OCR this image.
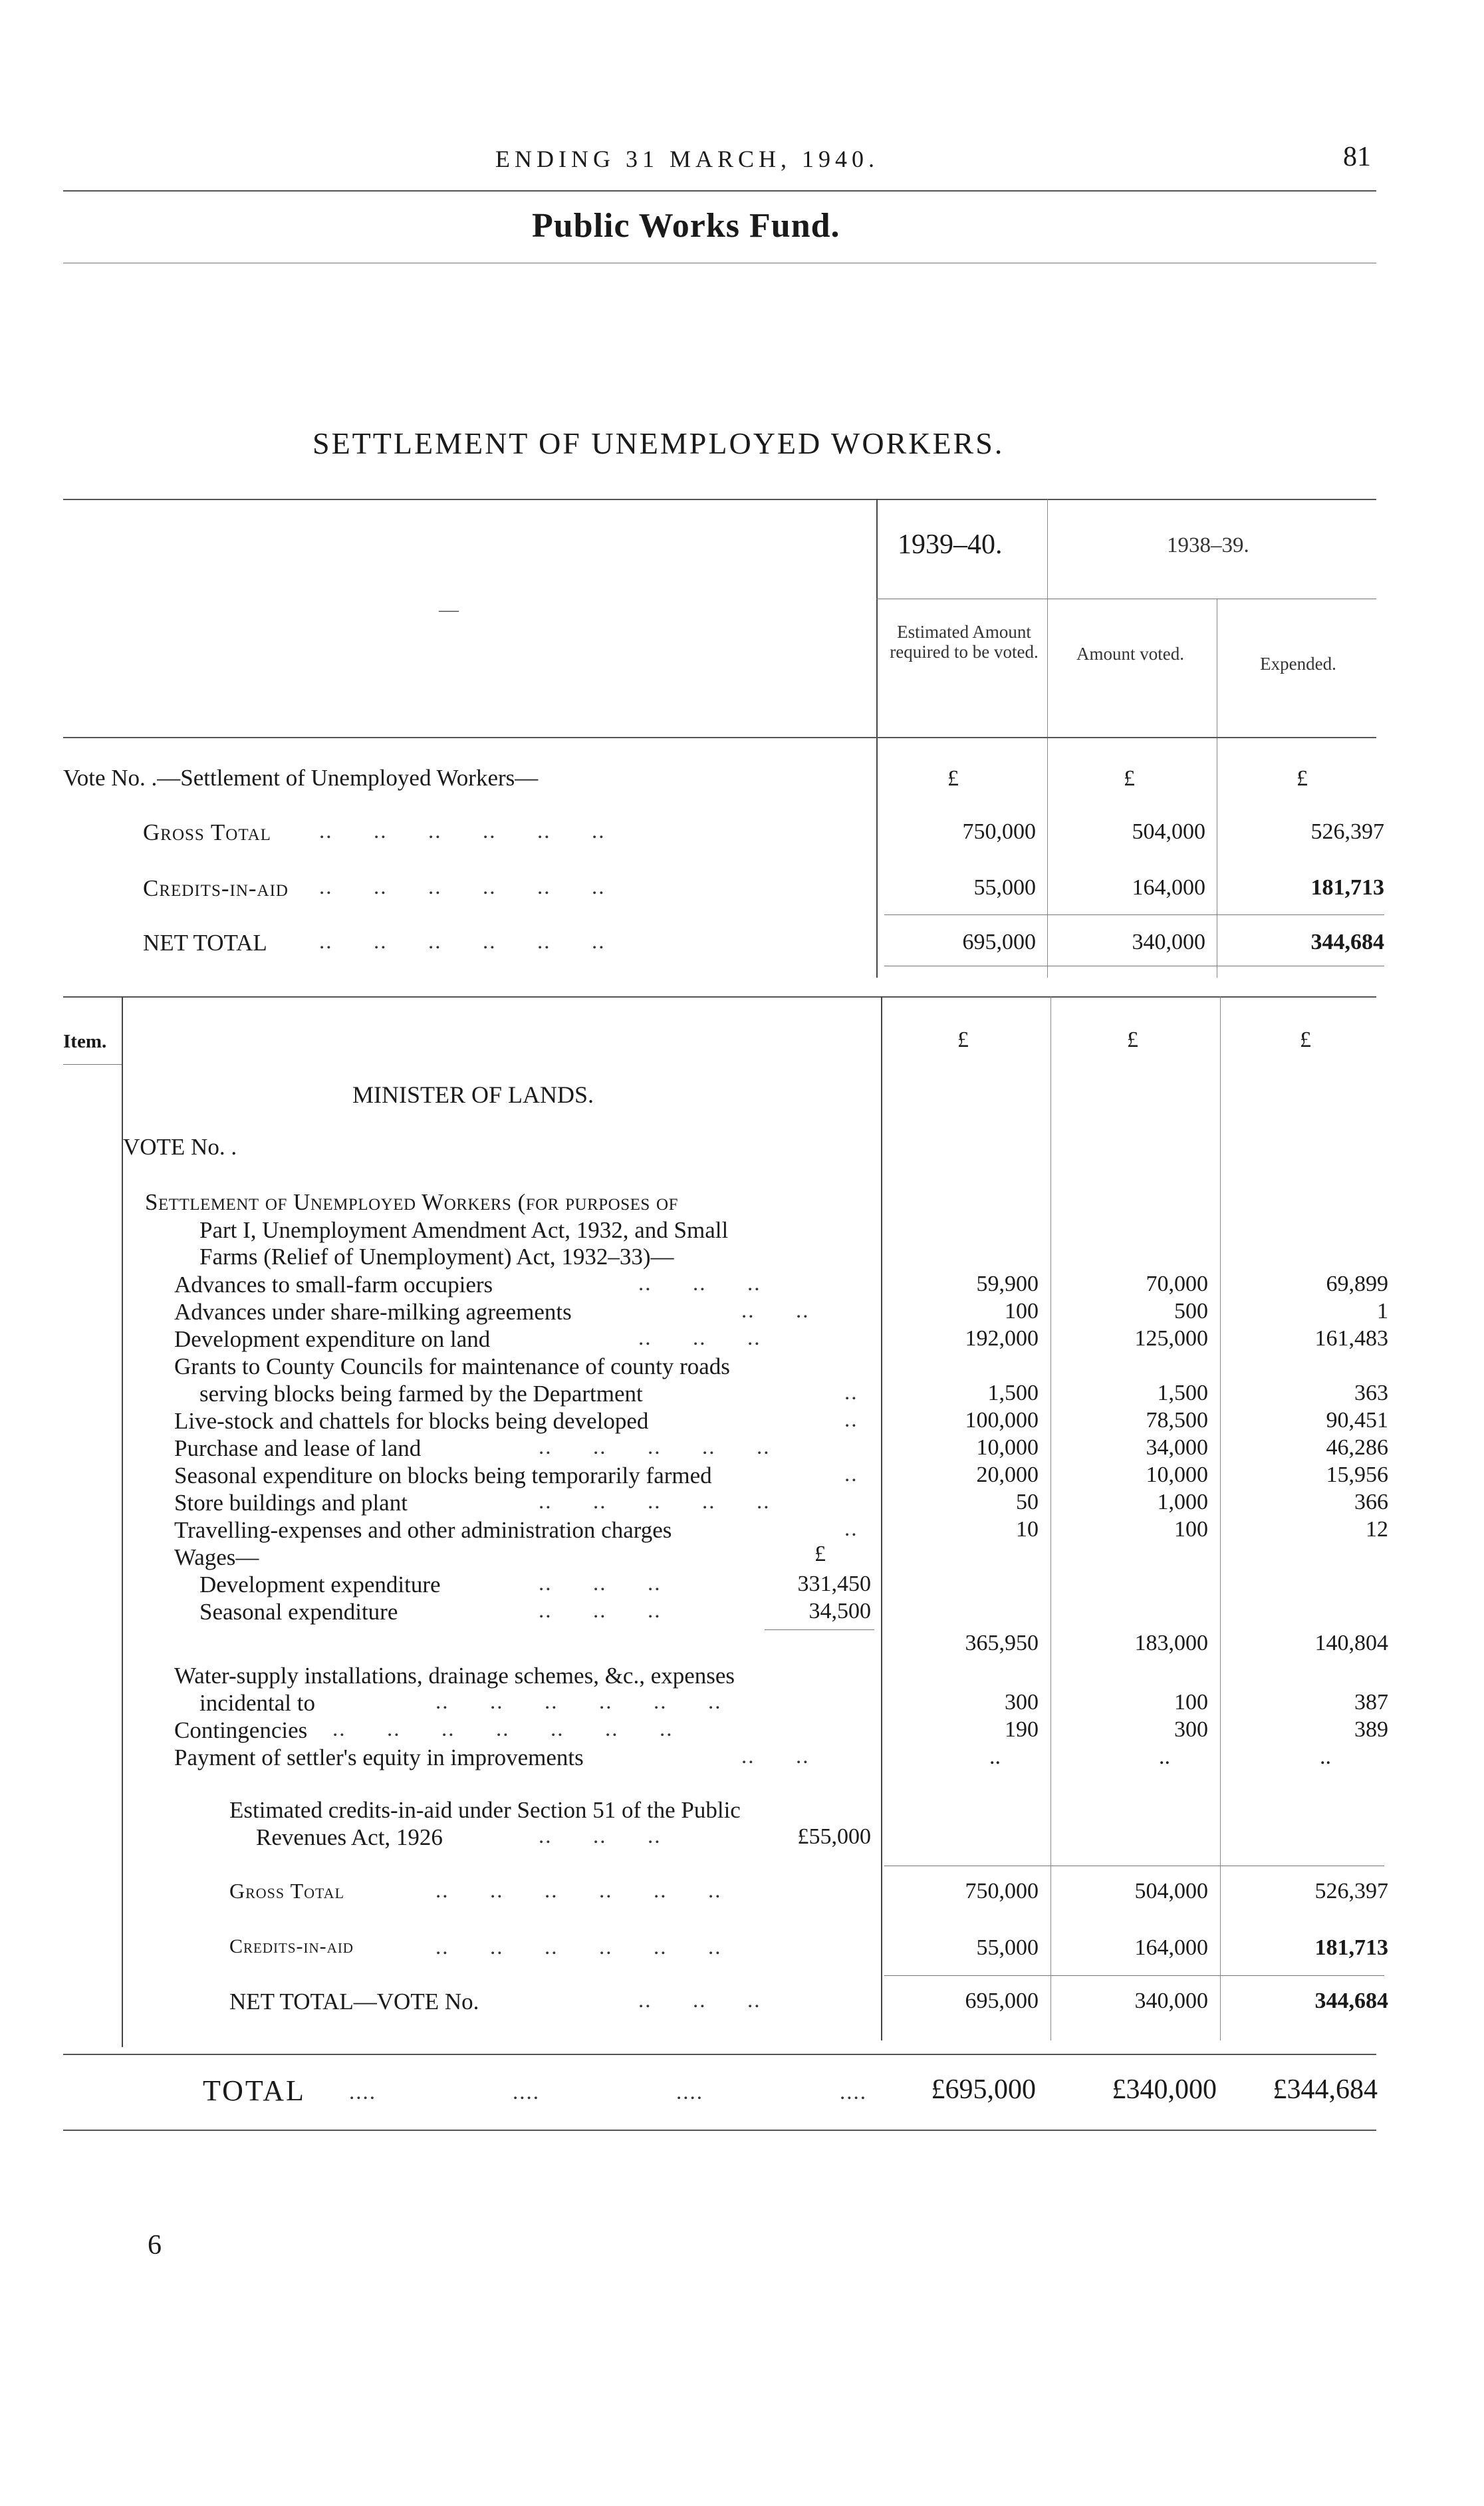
ENDING 31 MARCH, 1940.	81
Public Works Fund.
SETTLEMENT OF UNEMPLOYED WORKERS.
1939–40.	1938–39.
—
Estimated Amount required to be voted.	Amount voted.	Expended.
Vote No. .—Settlement of Unemployed Workers—	£	£	£
Gross Total ..      ..      ..      ..      ..      ..	750,000	504,000	526,397
Credits-in-aid ..      ..      ..      ..      ..      ..	55,000	164,000	181,713
NET TOTAL ..      ..      ..      ..      ..      ..	695,000	340,000	344,684
Item.	£	£	£
MINISTER OF LANDS.
VOTE No. .
Settlement of Unemployed Workers (for purposes of
Part I, Unemployment Amendment Act, 1932, and Small
Farms (Relief of Unemployment) Act, 1932–33)—
Advances to small-farm occupiers	..      ..      ..	59,900	70,000	69,899
Advances under share-milking agreements	..      ..	100	500	1
Development expenditure on land	..      ..      ..	192,000	125,000	161,483
Grants to County Councils for maintenance of county roads
serving blocks being farmed by the Department	..	1,500	1,500	363
Live-stock and chattels for blocks being developed	..	100,000	78,500	90,451
Purchase and lease of land	..      ..      ..      ..      ..	10,000	34,000	46,286
Seasonal expenditure on blocks being temporarily farmed	..	20,000	10,000	15,956
Store buildings and plant	..      ..      ..      ..      ..	50	1,000	366
Travelling-expenses and other administration charges	..	10	100	12
Wages—	£
Development expenditure	..      ..      ..	331,450
Seasonal expenditure	..      ..      ..	34,500
365,950	183,000	140,804
Water-supply installations, drainage schemes, &c., expenses
incidental to	..      ..      ..      ..      ..      ..	300	100	387
Contingencies ..      ..      ..      ..      ..      ..      ..	190	300	389
Payment of settler's equity in improvements	..      ..	..	..	..
Estimated credits-in-aid under Section 51 of the Public
Revenues Act, 1926	..      ..      ..	£55,000
Gross Total	..      ..      ..      ..      ..      ..	750,000	504,000	526,397
Credits-in-aid	..      ..      ..      ..      ..      ..	55,000	164,000	181,713
NET TOTAL—VOTE No.	..      ..      ..	695,000	340,000	344,684
TOTAL ....                    ....                    ....                    ....	£695,000	£340,000	£344,684
6
